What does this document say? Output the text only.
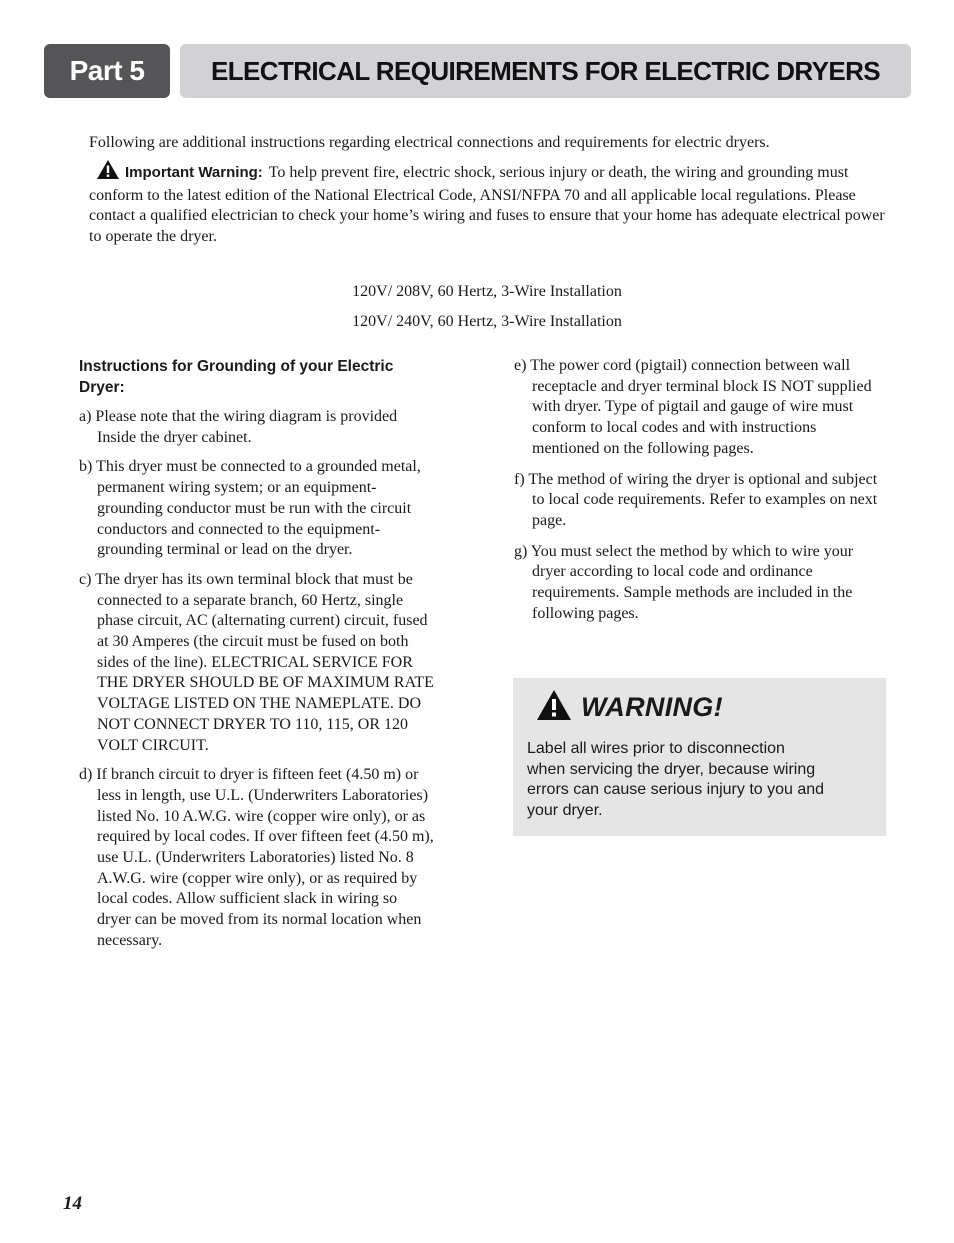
Part 5	ELECTRICAL REQUIREMENTS FOR ELECTRIC DRYERS
Following are additional instructions regarding electrical connections and requirements for electric dryers.
Important Warning: To help prevent fire, electric shock, serious injury or death, the wiring and grounding must conform to the latest edition of the National Electrical Code, ANSI/NFPA 70 and all applicable local regulations. Please contact a qualified electrician to check your home’s wiring and fuses to ensure that your home has adequate electrical power to operate the dryer.
120V/ 208V, 60 Hertz, 3-Wire Installation
120V/ 240V, 60 Hertz, 3-Wire Installation
Instructions for Grounding of your Electric Dryer:
a) Please note that the wiring diagram is provided Inside the dryer cabinet.
b) This dryer must be connected to a grounded metal, permanent wiring system; or an equipment-grounding conductor must be run with the circuit conductors and connected to the equipment-grounding terminal or lead on the dryer.
c) The dryer has its own terminal block that must be connected to a separate branch, 60 Hertz, single phase circuit, AC (alternating current) circuit, fused at 30 Amperes (the circuit must be fused on both sides of the line). ELECTRICAL SERVICE FOR THE DRYER SHOULD BE OF MAXIMUM RATE VOLTAGE LISTED ON THE NAMEPLATE. DO NOT CONNECT DRYER TO 110, 115, OR 120 VOLT CIRCUIT.
d) If branch circuit to dryer is fifteen feet (4.50 m) or less in length, use U.L. (Underwriters Laboratories) listed No. 10 A.W.G. wire (copper wire only), or as required by local codes. If over fifteen feet (4.50 m), use U.L. (Underwriters Laboratories) listed No. 8 A.W.G. wire (copper wire only), or as required by local codes. Allow sufficient slack in wiring so dryer can be moved from its normal location when necessary.
e) The power cord (pigtail) connection between wall receptacle and dryer terminal block IS NOT supplied with dryer. Type of pigtail and gauge of wire must conform to local codes and with instructions mentioned on the following pages.
f) The method of wiring the dryer is optional and subject to local code requirements. Refer to examples on next page.
g) You must select the method by which to wire your dryer according to local code and ordinance requirements. Sample methods are included in the following pages.
WARNING!
Label all wires prior to disconnection when servicing the dryer, because wiring errors can cause serious injury to you and your dryer.
14
